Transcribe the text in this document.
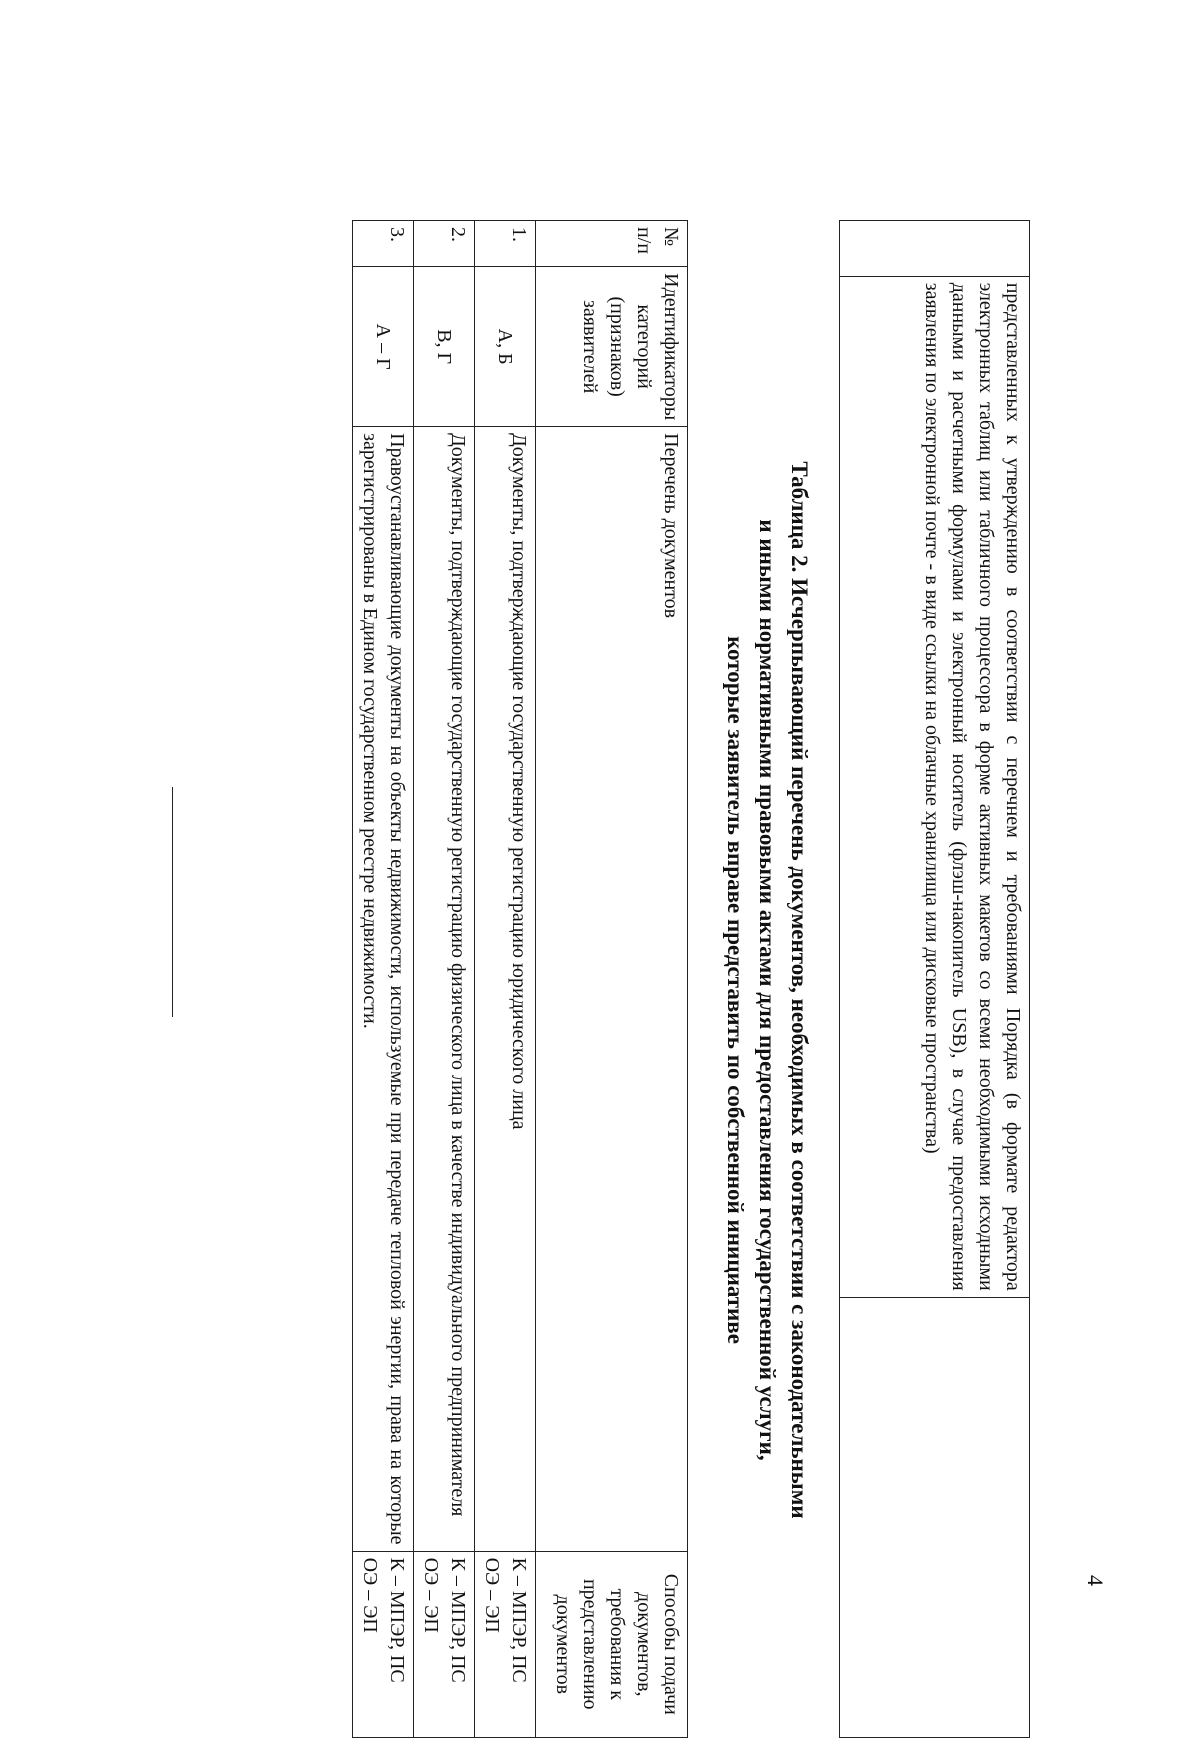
4
	представленных к утверждению в соответствии с перечнем и требованиями Порядка (в формате редактора электронных таблиц или табличного процессора в форме активных макетов со всеми необходимыми исходными данными и расчетными формулами и электронный носитель (флэш-накопитель USB), в случае предоставления заявления по электронной почте - в виде ссылки на облачные хранилища или дисковые пространства)	
Таблица 2. Исчерпывающий перечень документов, необходимых в соответствии с законодательными
и иными нормативными правовыми актами для предоставления государственной услуги,
которые заявитель вправе представить по собственной инициативе
№ п/п	Идентификаторы категорий (признаков) заявителей	Перечень документов	Способы подачи документов, требования к представлению документов
1.	А, Б	Документы, подтверждающие государственную регистрацию юридического лица	К – МПЭР, ПС
ОЭ – ЭП

2.	В, Г	Документы, подтверждающие государственную регистрацию физического лица в качестве индивидуального предпринимателя	К – МПЭР, ПС
ОЭ – ЭП

3.	А – Г	Правоустанавливающие документы на объекты недвижимости, используемые при передаче тепловой энергии, права на которые зарегистрированы в Едином государственном реестре недвижимости.	К – МПЭР, ПС
ОЭ – ЭП
